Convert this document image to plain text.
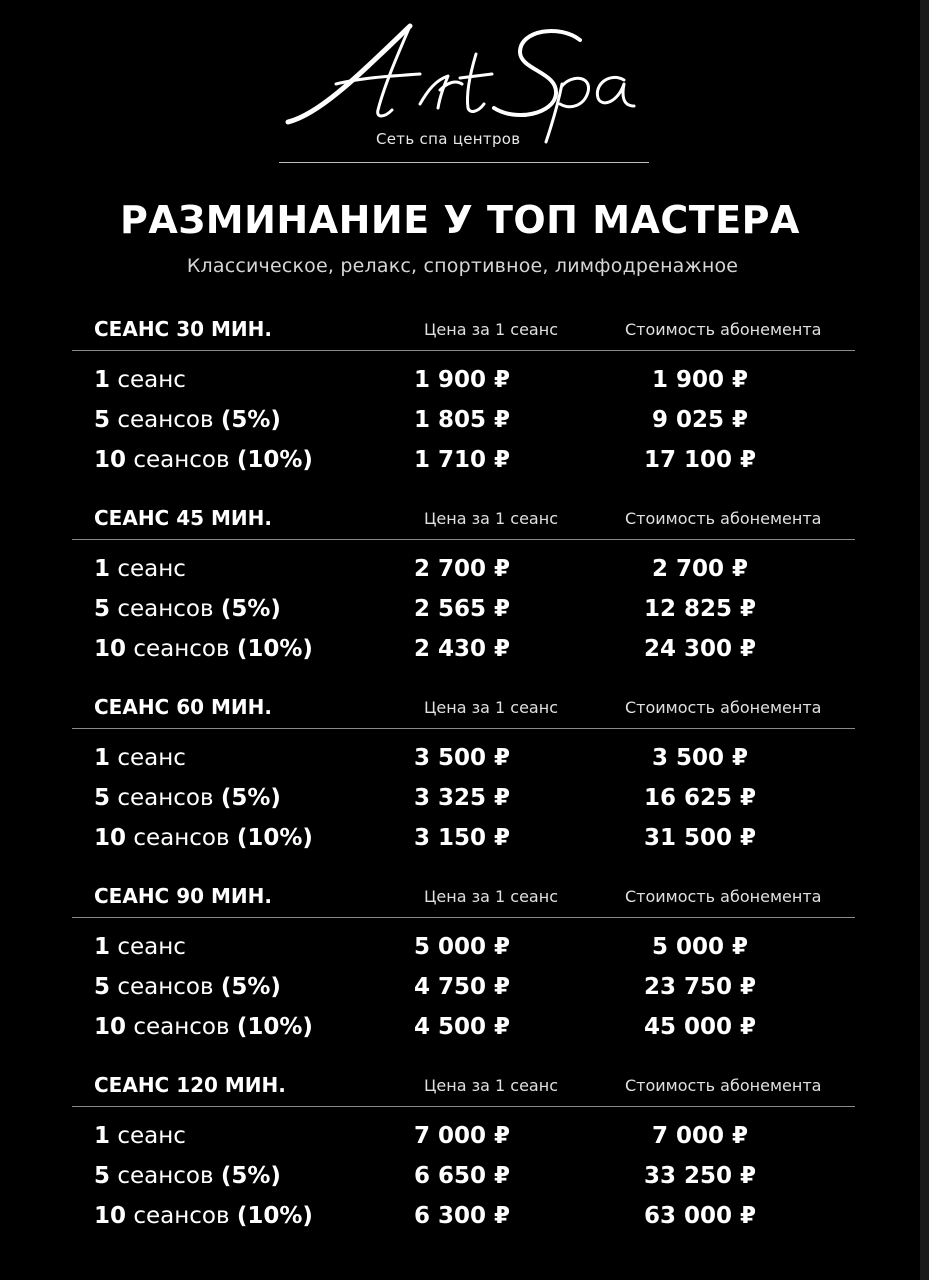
Сеть спа центров
РАЗМИНАНИЕ У ТОП МАСТЕРА
Классическое, релакс, спортивное, лимфодренажное
СЕАНС 30 МИН.	Цена за 1 сеанс	Стоимость абонемента
1 сеанс	1 900 ₽	1 900 ₽
5 сеансов (5%)	1 805 ₽	9 025 ₽
10 сеансов (10%)	1 710 ₽	17 100 ₽
СЕАНС 45 МИН.	Цена за 1 сеанс	Стоимость абонемента
1 сеанс	2 700 ₽	2 700 ₽
5 сеансов (5%)	2 565 ₽	12 825 ₽
10 сеансов (10%)	2 430 ₽	24 300 ₽
СЕАНС 60 МИН.	Цена за 1 сеанс	Стоимость абонемента
1 сеанс	3 500 ₽	3 500 ₽
5 сеансов (5%)	3 325 ₽	16 625 ₽
10 сеансов (10%)	3 150 ₽	31 500 ₽
СЕАНС 90 МИН.	Цена за 1 сеанс	Стоимость абонемента
1 сеанс	5 000 ₽	5 000 ₽
5 сеансов (5%)	4 750 ₽	23 750 ₽
10 сеансов (10%)	4 500 ₽	45 000 ₽
СЕАНС 120 МИН.	Цена за 1 сеанс	Стоимость абонемента
1 сеанс	7 000 ₽	7 000 ₽
5 сеансов (5%)	6 650 ₽	33 250 ₽
10 сеансов (10%)	6 300 ₽	63 000 ₽
